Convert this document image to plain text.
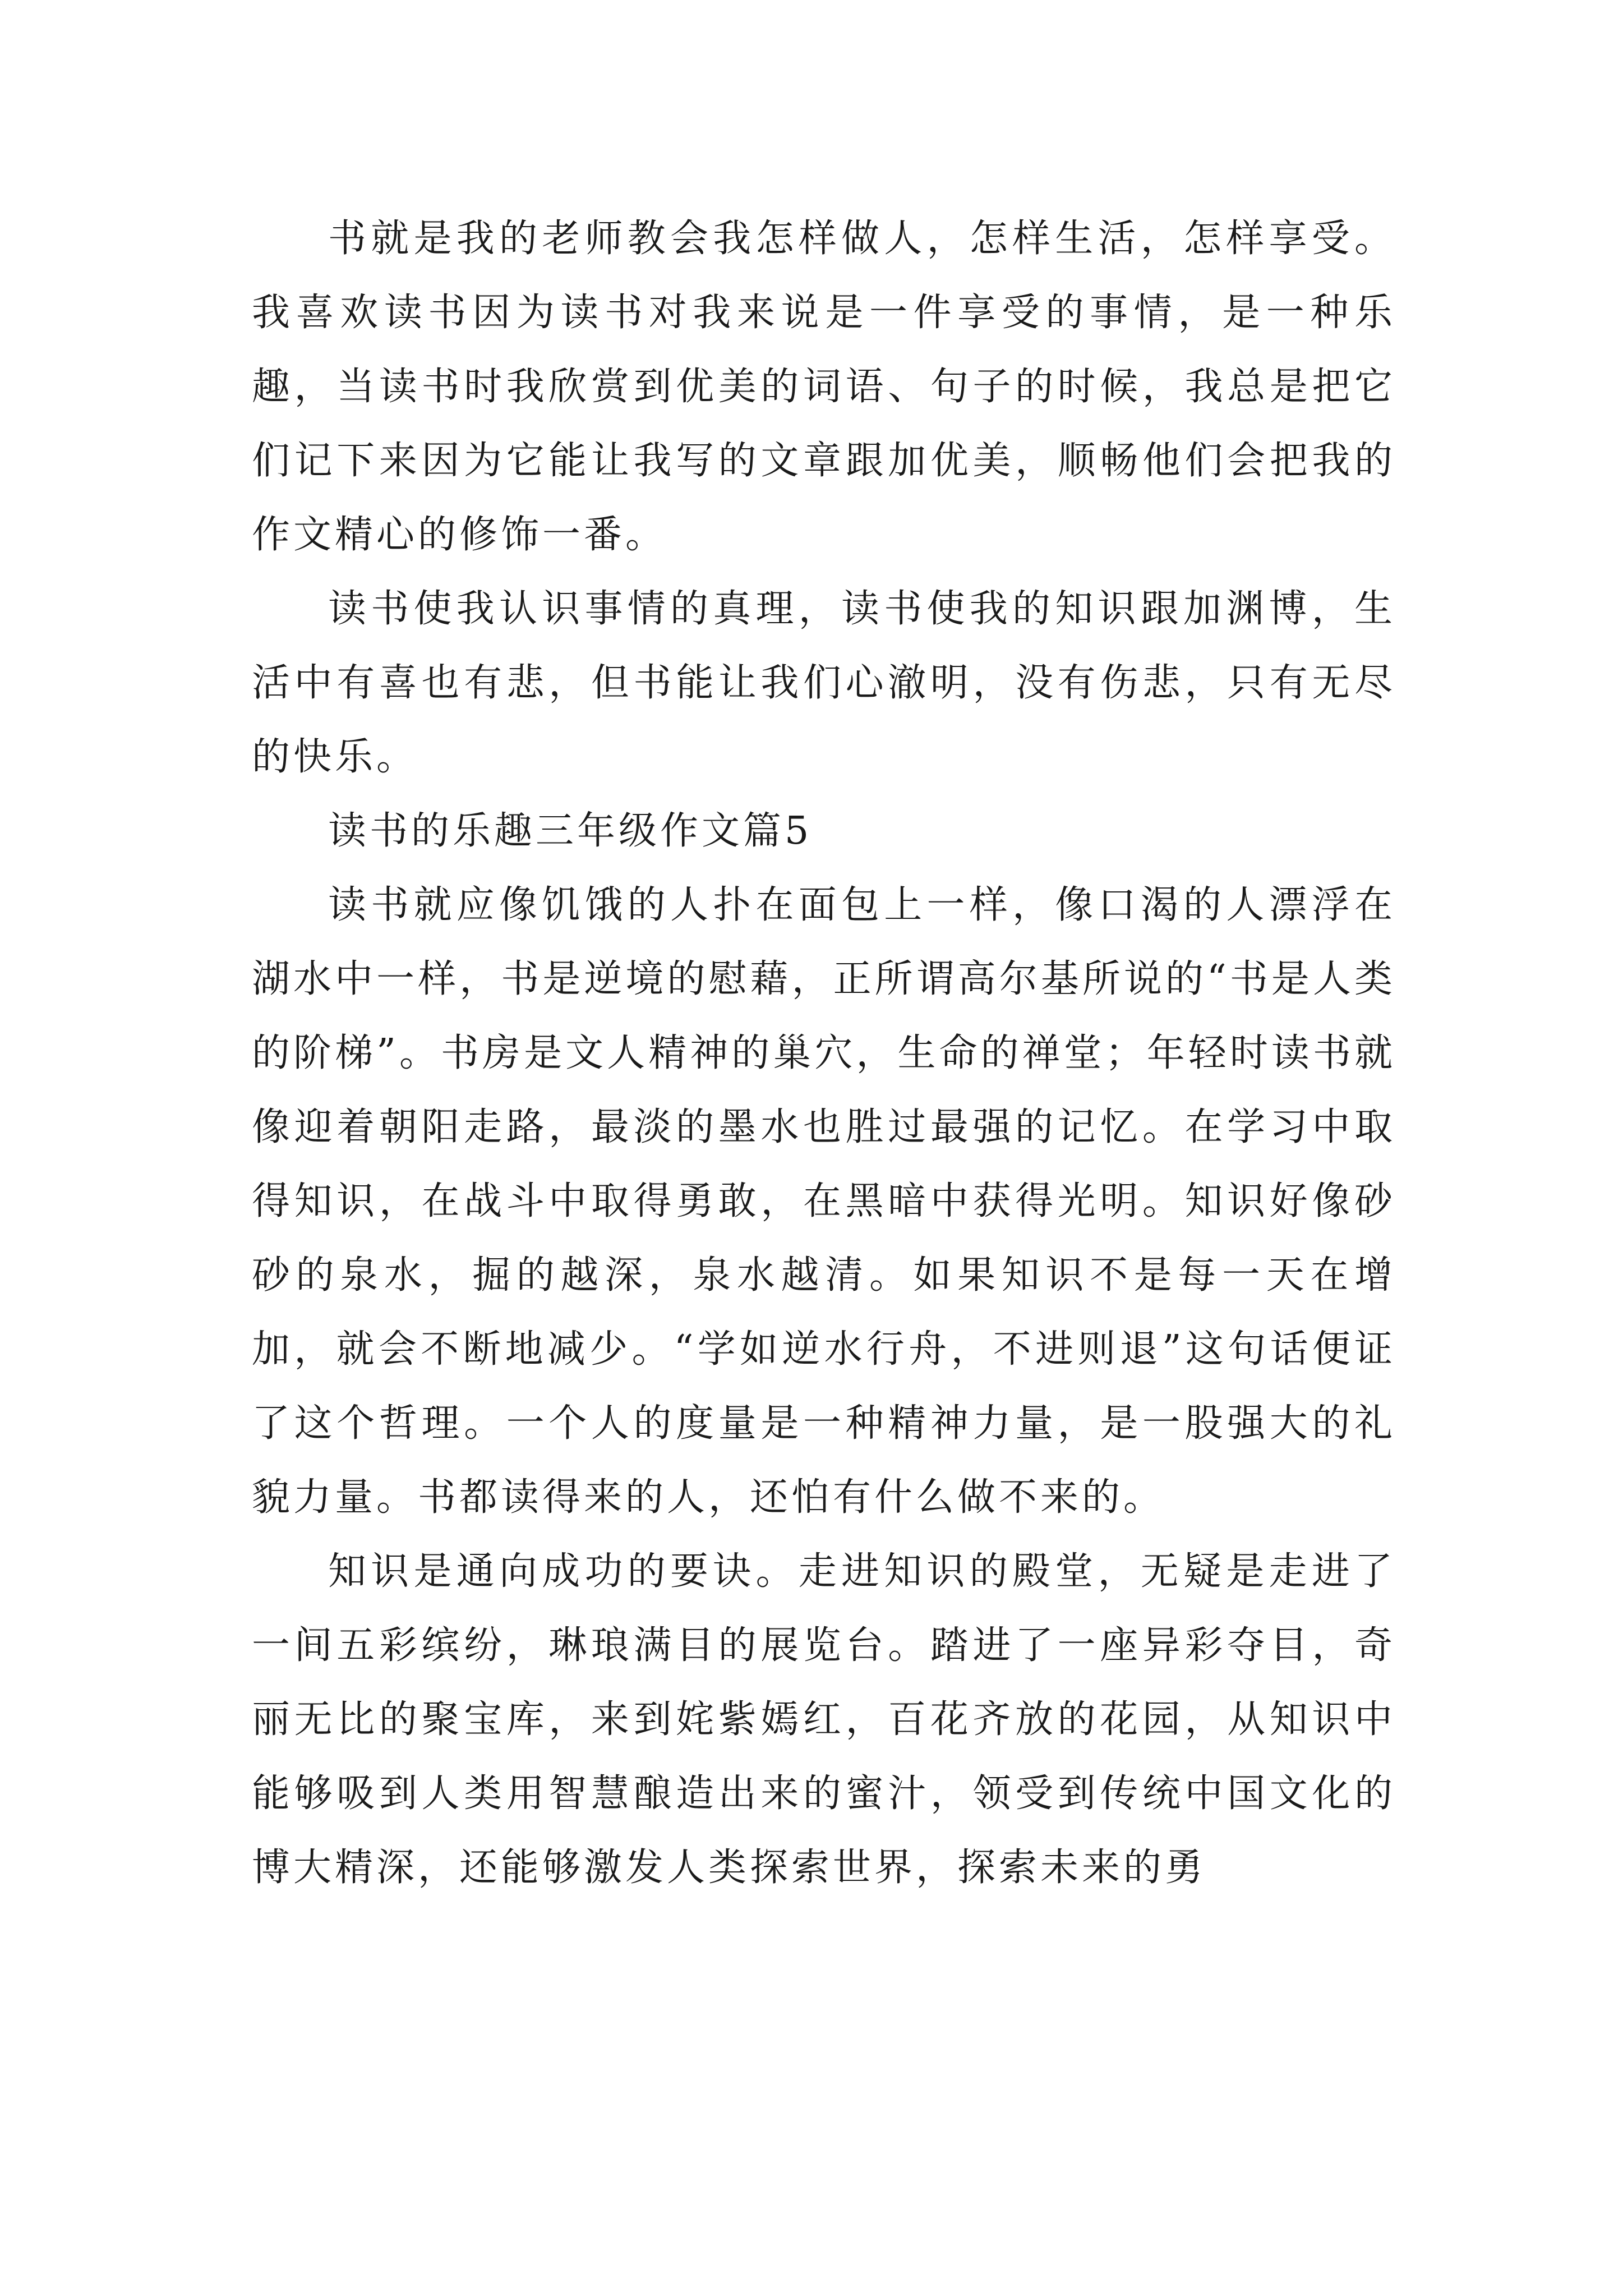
书就是我的老师教会我怎样做人，怎样生活，怎样享受。我喜欢读书因为读书对我来说是一件享受的事情，是一种乐趣，当读书时我欣赏到优美的词语、句子的时候，我总是把它们记下来因为它能让我写的文章跟加优美，顺畅他们会把我的作文精心的修饰一番。

读书使我认识事情的真理，读书使我的知识跟加渊博，生活中有喜也有悲，但书能让我们心澈明，没有伤悲，只有无尽的快乐。

读书的乐趣三年级作文篇5

读书就应像饥饿的人扑在面包上一样，像口渴的人漂浮在湖水中一样，书是逆境的慰藉，正所谓高尔基所说的“书是人类的阶梯”。书房是文人精神的巢穴，生命的禅堂；年轻时读书就像迎着朝阳走路，最淡的墨水也胜过最强的记忆。在学习中取得知识，在战斗中取得勇敢，在黑暗中获得光明。知识好像砂砂的泉水，掘的越深，泉水越清。如果知识不是每一天在增加，就会不断地减少。“学如逆水行舟，不进则退”这句话便证了这个哲理。一个人的度量是一种精神力量，是一股强大的礼貌力量。书都读得来的人，还怕有什么做不来的。

知识是通向成功的要诀。走进知识的殿堂，无疑是走进了一间五彩缤纷，琳琅满目的展览台。踏进了一座异彩夺目，奇丽无比的聚宝库，来到姹紫嫣红，百花齐放的花园，从知识中能够吸到人类用智慧酿造出来的蜜汁，领受到传统中国文化的博大精深，还能够激发人类探索世界，探索未来的勇
